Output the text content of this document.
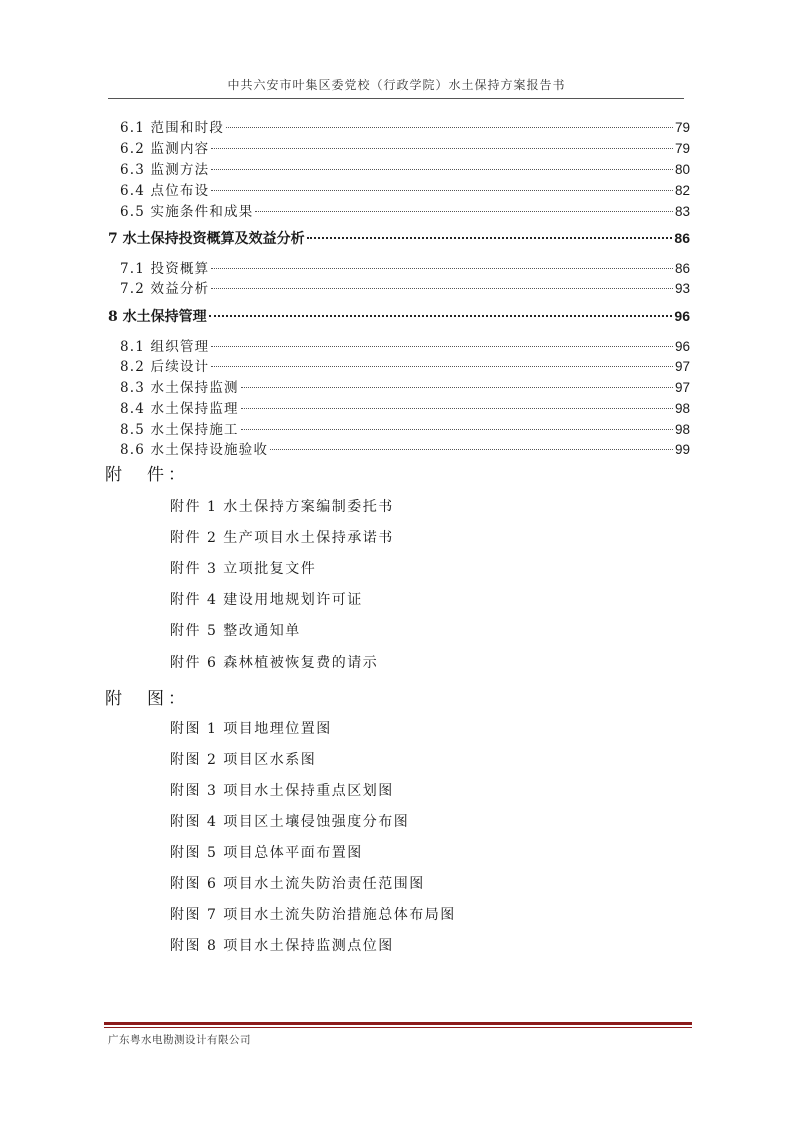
中共六安市叶集区委党校（行政学院）水土保持方案报告书
6.1 范围和时段	79
6.2 监测内容	79
6.3 监测方法	80
6.4 点位布设	82
6.5 实施条件和成果	83
7 水土保持投资概算及效益分析	86
7.1 投资概算	86
7.2 效益分析	93
8 水土保持管理	96
8.1 组织管理	96
8.2 后续设计	97
8.3 水土保持监测	97
8.4 水土保持监理	98
8.5 水土保持施工	98
8.6 水土保持设施验收	99
附　件：
附件 1 水土保持方案编制委托书
附件 2 生产项目水土保持承诺书
附件 3 立项批复文件
附件 4 建设用地规划许可证
附件 5 整改通知单
附件 6 森林植被恢复费的请示
附　图：
附图 1 项目地理位置图
附图 2 项目区水系图
附图 3 项目水土保持重点区划图
附图 4 项目区土壤侵蚀强度分布图
附图 5 项目总体平面布置图
附图 6 项目水土流失防治责任范围图
附图 7 项目水土流失防治措施总体布局图
附图 8 项目水土保持监测点位图
广东粤水电勘测设计有限公司
